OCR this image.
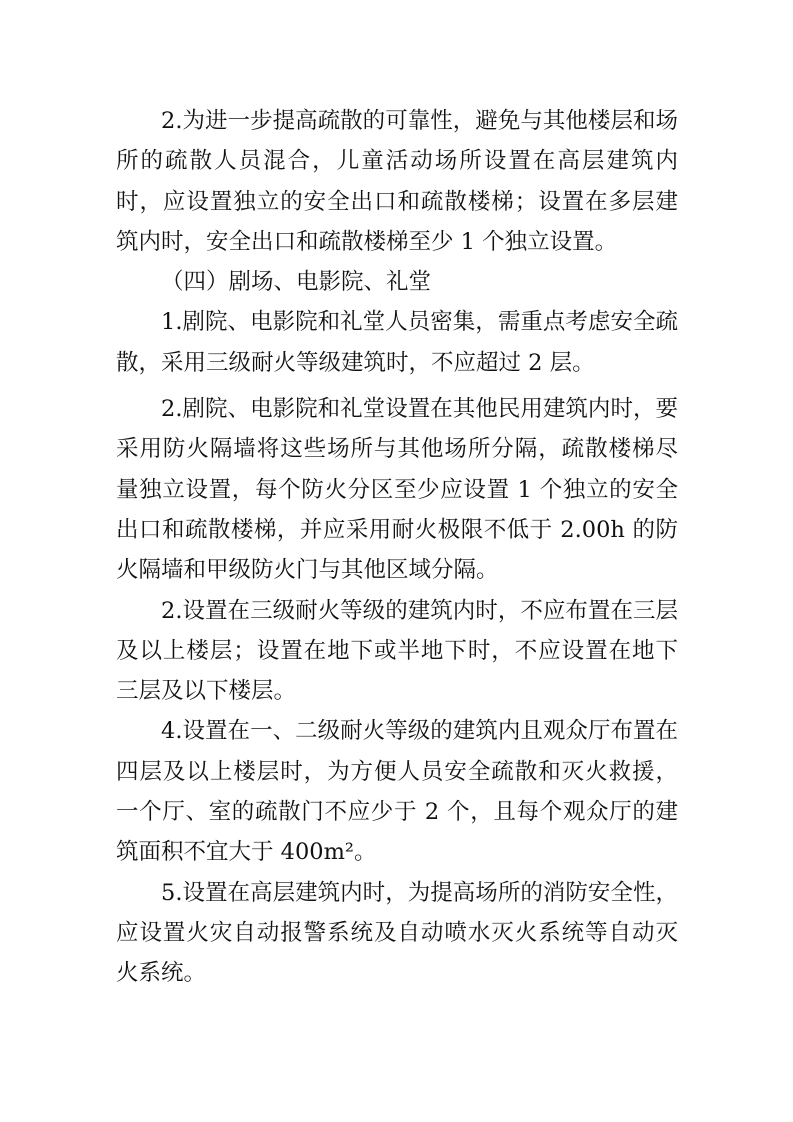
2.为进一步提高疏散的可靠性，避免与其他楼层和场所的疏散人员混合，儿童活动场所设置在高层建筑内时，应设置独立的安全出口和疏散楼梯；设置在多层建筑内时，安全出口和疏散楼梯至少 1 个独立设置。

（四）剧场、电影院、礼堂

1.剧院、电影院和礼堂人员密集，需重点考虑安全疏散，采用三级耐火等级建筑时，不应超过 2 层。

2.剧院、电影院和礼堂设置在其他民用建筑内时，要采用防火隔墙将这些场所与其他场所分隔，疏散楼梯尽量独立设置，每个防火分区至少应设置 1 个独立的安全出口和疏散楼梯，并应采用耐火极限不低于 2.00h 的防火隔墙和甲级防火门与其他区域分隔。

2.设置在三级耐火等级的建筑内时，不应布置在三层及以上楼层；设置在地下或半地下时，不应设置在地下三层及以下楼层。

4.设置在一、二级耐火等级的建筑内且观众厅布置在四层及以上楼层时，为方便人员安全疏散和灭火救援，一个厅、室的疏散门不应少于 2 个，且每个观众厅的建筑面积不宜大于 400m²。

5.设置在高层建筑内时，为提高场所的消防安全性，应设置火灾自动报警系统及自动喷水灭火系统等自动灭火系统。
